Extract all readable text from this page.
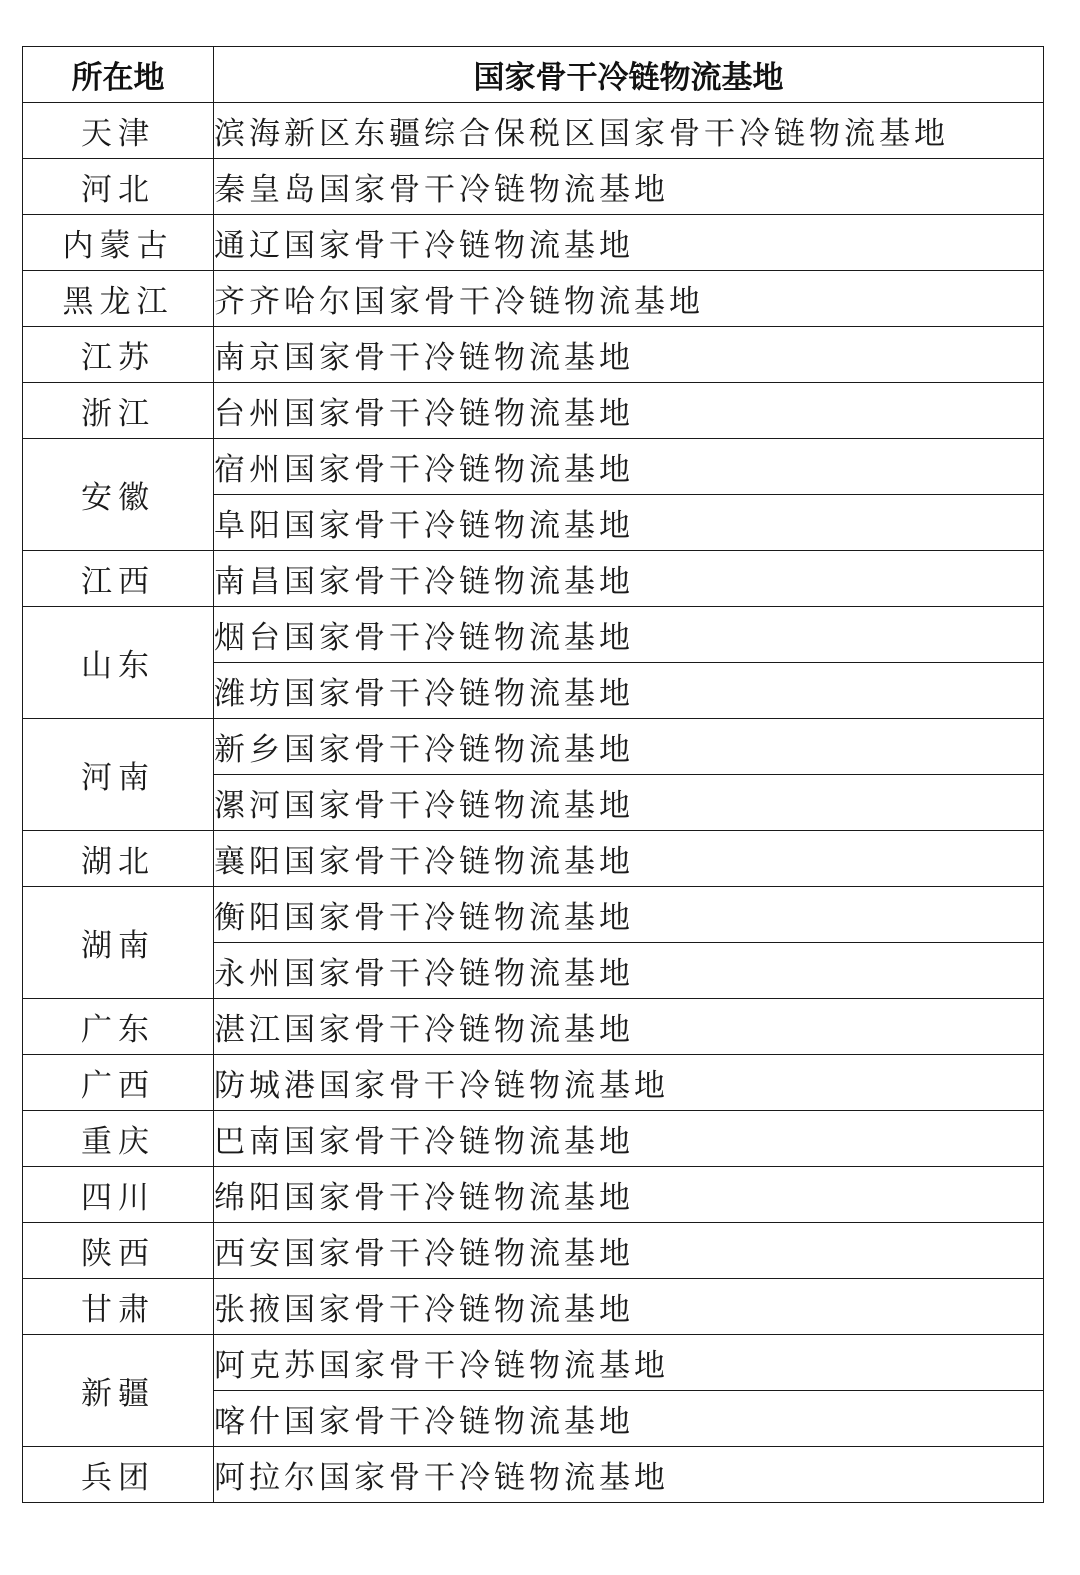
所在地	国家骨干冷链物流基地
天津	滨海新区东疆综合保税区国家骨干冷链物流基地
河北	秦皇岛国家骨干冷链物流基地
内蒙古	通辽国家骨干冷链物流基地
黑龙江	齐齐哈尔国家骨干冷链物流基地
江苏	南京国家骨干冷链物流基地
浙江	台州国家骨干冷链物流基地
安徽	宿州国家骨干冷链物流基地
	阜阳国家骨干冷链物流基地
江西	南昌国家骨干冷链物流基地
山东	烟台国家骨干冷链物流基地
	潍坊国家骨干冷链物流基地
河南	新乡国家骨干冷链物流基地
	漯河国家骨干冷链物流基地
湖北	襄阳国家骨干冷链物流基地
湖南	衡阳国家骨干冷链物流基地
	永州国家骨干冷链物流基地
广东	湛江国家骨干冷链物流基地
广西	防城港国家骨干冷链物流基地
重庆	巴南国家骨干冷链物流基地
四川	绵阳国家骨干冷链物流基地
陕西	西安国家骨干冷链物流基地
甘肃	张掖国家骨干冷链物流基地
新疆	阿克苏国家骨干冷链物流基地
	喀什国家骨干冷链物流基地
兵团	阿拉尔国家骨干冷链物流基地
